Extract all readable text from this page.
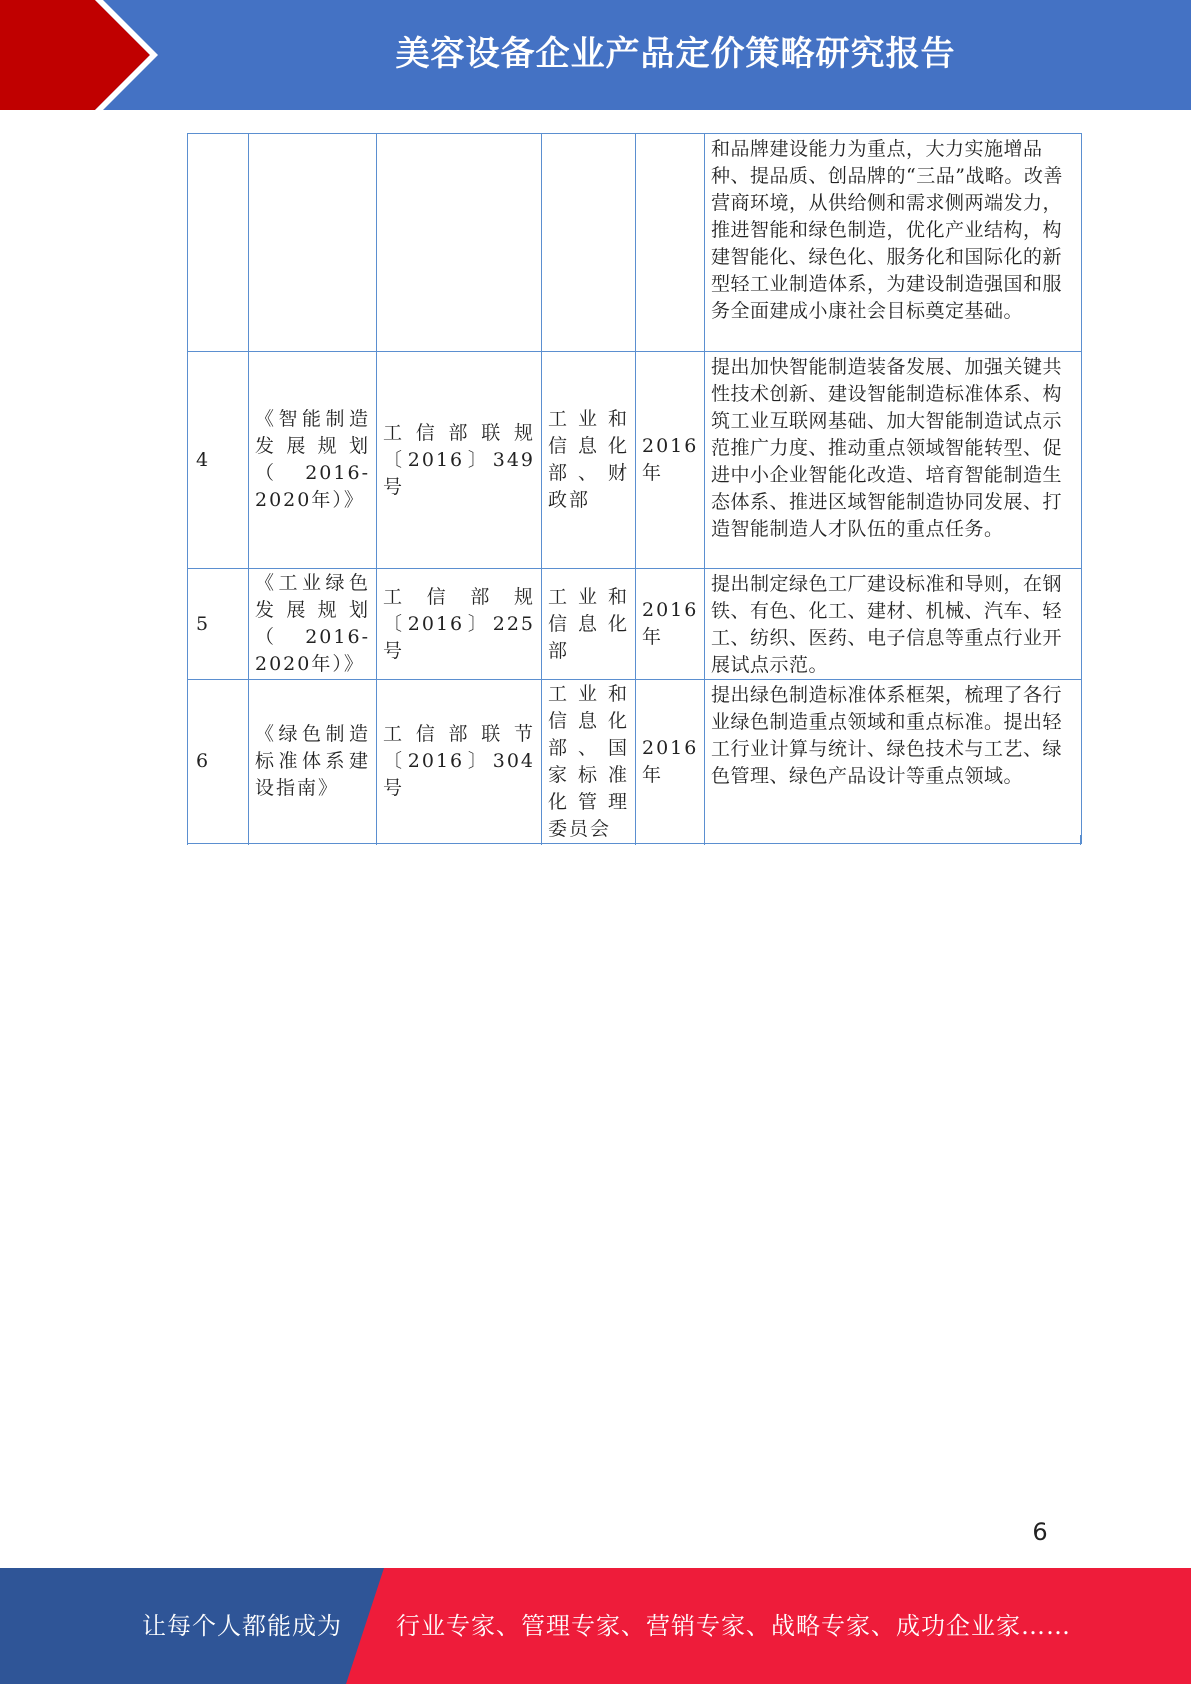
美容设备企业产品定价策略研究报告
					和品牌建设能力为重点，大力实施增品种、提品质、创品牌的“三品”战略。改善营商环境，从供给侧和需求侧两端发力，推进智能和绿色制造，优化产业结构，构建智能化、绿色化、服务化和国际化的新型轻工业制造体系，为建设制造强国和服务全面建成小康社会目标奠定基础。
4	《智能制造发展规划（2016-2020年）》	工信部联规〔2016〕349号	工业和信息化部、财政部	2016年	提出加快智能制造装备发展、加强关键共性技术创新、建设智能制造标准体系、构筑工业互联网基础、加大智能制造试点示范推广力度、推动重点领域智能转型、促进中小企业智能化改造、培育智能制造生态体系、推进区域智能制造协同发展、打造智能制造人才队伍的重点任务。
5	《工业绿色发展规划（2016-2020年）》	工信部规〔2016〕225号	工业和信息化部	2016年	提出制定绿色工厂建设标准和导则，在钢铁、有色、化工、建材、机械、汽车、轻工、纺织、医药、电子信息等重点行业开展试点示范。
6	《绿色制造标准体系建设指南》	工信部联节〔2016〕304号	工业和信息化部、国家标准化管理委员会	2016年	提出绿色制造标准体系框架，梳理了各行业绿色制造重点领域和重点标准。提出轻工行业计算与统计、绿色技术与工艺、绿色管理、绿色产品设计等重点领域。
6
让每个人都能成为 行业专家、管理专家、营销专家、战略专家、成功企业家……
